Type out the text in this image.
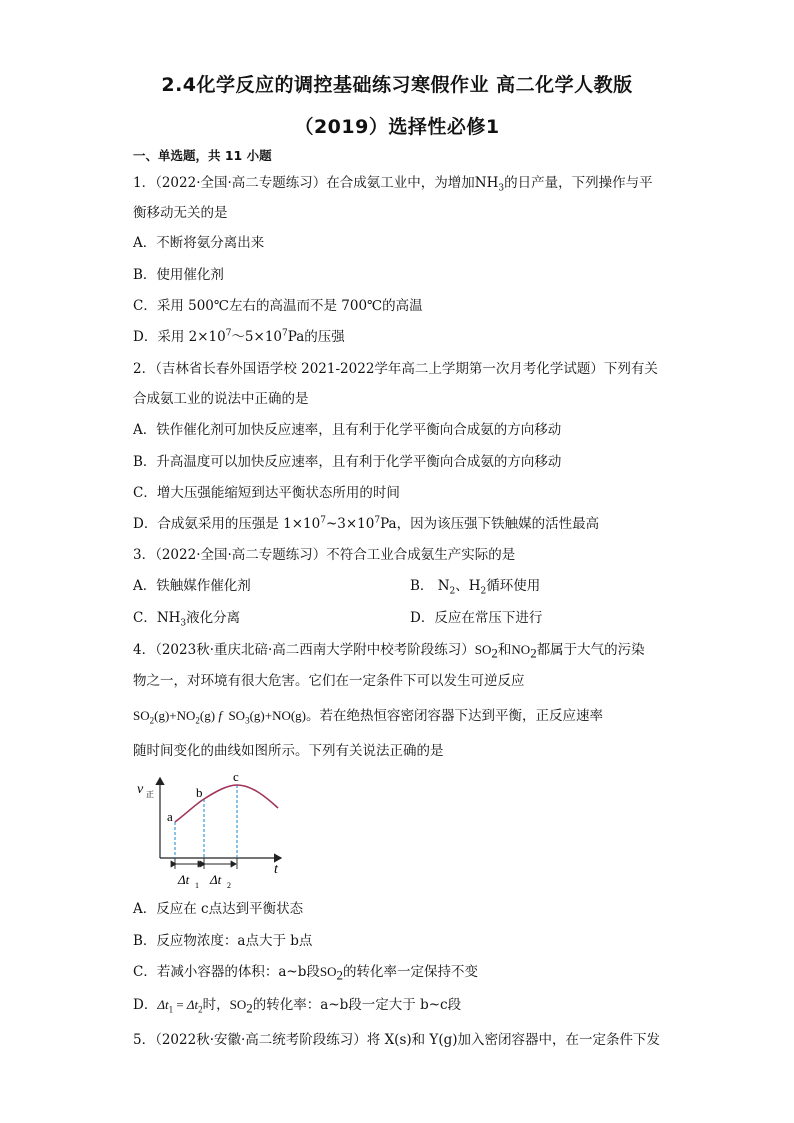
2.4化学反应的调控基础练习寒假作业 高二化学人教版
（2019）选择性必修1
一、单选题，共 11 小题
1．（2022·全国·高二专题练习）在合成氨工业中，为增加$NH_3$的日产量，下列操作与平
衡移动无关的是
A．不断将氨分离出来
B．使用催化剂
C．采用 500℃左右的高温而不是 700℃的高温
D．采用 $2\times 10^7\sim 5\times 10^7Pa$的压强
2．（吉林省长春外国语学校 2021-2022学年高二上学期第一次月考化学试题）下列有关
合成氨工业的说法中正确的是
A．铁作催化剂可加快反应速率，且有利于化学平衡向合成氨的方向移动
B．升高温度可以加快反应速率，且有利于化学平衡向合成氨的方向移动
C．增大压强能缩短到达平衡状态所用的时间
D．合成氨采用的压强是 $1\times 10^7\sim 3\times 10^7Pa$，因为该压强下铁触媒的活性最高
3．（2022·全国·高二专题练习）不符合工业合成氨生产实际的是
A．铁触媒作催化剂	B． $N_2$、$H_2$循环使用
C．$NH_3$液化分离	D．反应在常压下进行
4．（2023秋·重庆北碚·高二西南大学附中校考阶段练习）$SO_2$和$NO_2$都属于大气的污染
物之一，对环境有很大危害。它们在一定条件下可以发生可逆反应
$SO_2(g)+NO_2(g)$ f $SO_3(g)+NO(g)$。若在绝热恒容密闭容器下达到平衡，正反应速率
随时间变化的曲线如图所示。下列有关说法正确的是
v 正
t
a
b
c
Δt 1 Δt 2
A．反应在 c点达到平衡状态
B．反应物浓度：a点大于 b点
C．若减小容器的体积：a~b段$SO_2$的转化率一定保持不变
D．$\Delta t_1 = \Delta t_2$时，$SO_2$的转化率：a~b段一定大于 b~c段
5．（2022秋·安徽·高二统考阶段练习）将 X(s)和 Y(g)加入密闭容器中，在一定条件下发
